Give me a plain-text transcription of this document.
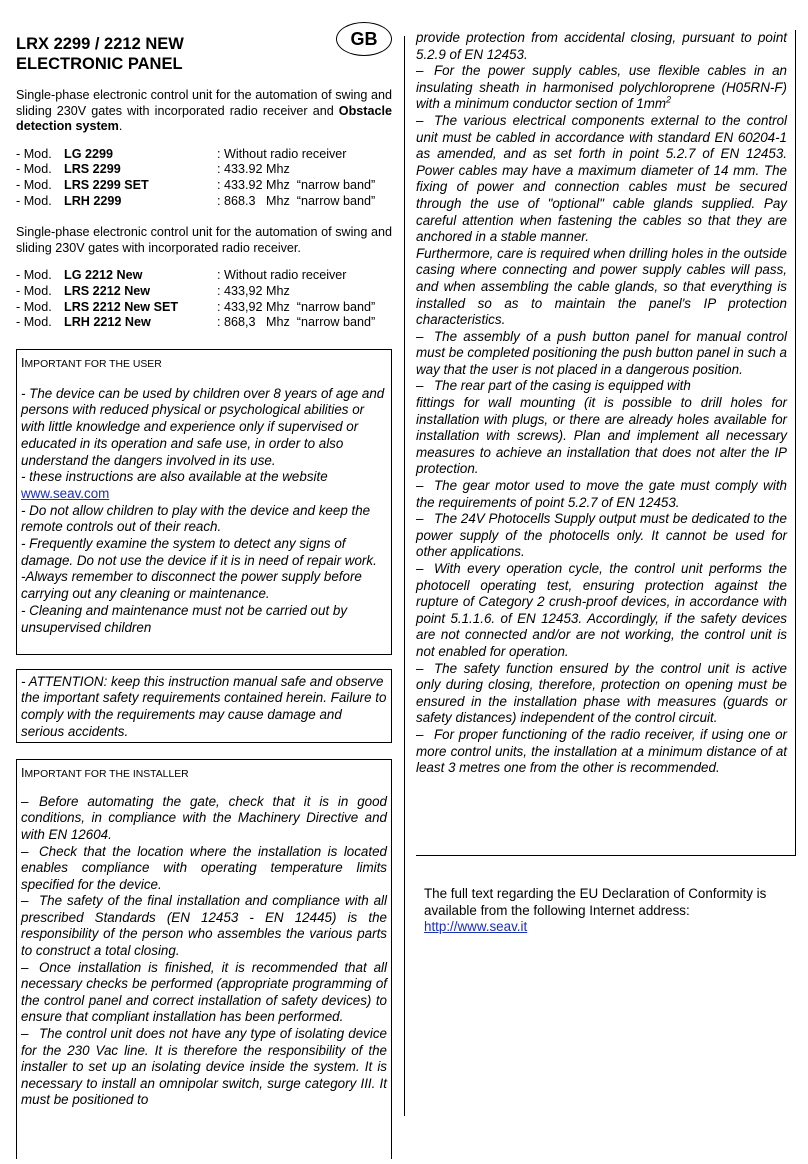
GB
LRX 2299 / 2212 NEW
ELECTRONIC PANEL

Single-phase electronic control unit for the automation of swing and sliding 230V gates with incorporated radio receiver and Obstacle detection system.

- Mod. LG 2299	: Without radio receiver
- Mod. LRS 2299	: 433.92 Mhz
- Mod. LRS 2299 SET	: 433.92 Mhz  “narrow band”
- Mod. LRH 2299	: 868.3   Mhz  “narrow band”

Single-phase electronic control unit for the automation of swing and sliding 230V gates with incorporated radio receiver.

- Mod. LG 2212 New	: Without radio receiver
- Mod. LRS 2212 New	: 433,92 Mhz
- Mod. LRS 2212 New SET	: 433,92 Mhz  “narrow band”
- Mod. LRH 2212 New	: 868,3   Mhz  “narrow band”

IMPORTANT FOR THE USER

- The device can be used by children over 8 years of age and persons with reduced physical or psychological abilities or with little knowledge and experience only if supervised or educated in its operation and safe use, in order to also understand the dangers involved in its use.

- these instructions are also available at the website

www.seav.com

- Do not allow children to play with the device and keep the remote controls out of their reach.

- Frequently examine the system to detect any signs of damage. Do not use the device if it is in need of repair work.

-Always remember to disconnect the power supply before carrying out any cleaning or maintenance.

- Cleaning and maintenance must not be carried out by unsupervised children

- ATTENTION: keep this instruction manual safe and observe the important safety requirements contained herein. Failure to comply with the requirements may cause damage and serious accidents.

IMPORTANT FOR THE INSTALLER

– Before automating the gate, check that it is in good conditions, in compliance with the Machinery Directive and with EN 12604.

– Check that the location where the installation is located enables compliance with operating temperature limits specified for the device.

– The safety of the final installation and compliance with all prescribed Standards (EN 12453 - EN 12445) is the responsibility of the person who assembles the various parts to construct a total closing.

– Once installation is finished, it is recommended that all necessary checks be performed (appropriate programming of the control panel and correct installation of safety devices) to ensure that compliant installation has been performed.

– The control unit does not have any type of isolating device for the 230 Vac line. It is therefore the responsibility of the installer to set up an isolating device inside the system. It is necessary to install an omnipolar switch, surge category III. It must be positioned to

provide protection from accidental closing, pursuant to point 5.2.9 of EN 12453.

– For the power supply cables, use flexible cables in an insulating sheath in harmonised polychloroprene (H05RN-F) with a minimum conductor section of $1mm^2$

– The various electrical components external to the control unit must be cabled in accordance with standard EN 60204-1 as amended, and as set forth in point 5.2.7 of EN 12453. Power cables may have a maximum diameter of 14 mm. The fixing of power and connection cables must be secured through the use of "optional" cable glands supplied. Pay careful attention when fastening the cables so that they are anchored in a stable manner.

Furthermore, care is required when drilling holes in the outside casing where connecting and power supply cables will pass, and when assembling the cable glands, so that everything is installed so as to maintain the panel's IP protection characteristics.

– The assembly of a push button panel for manual control must be completed positioning the push button panel in such a way that the user is not placed in a dangerous position.

– The rear part of the casing is equipped with

fittings for wall mounting (it is possible to drill holes for installation with plugs, or there are already holes available for installation with screws). Plan and implement all necessary measures to achieve an installation that does not alter the IP protection.

– The gear motor used to move the gate must comply with the requirements of point 5.2.7 of EN 12453.

– The 24V Photocells Supply output must be dedicated to the power supply of the photocells only. It cannot be used for other applications.

– With every operation cycle, the control unit performs the photocell operating test, ensuring protection against the rupture of Category 2 crush-proof devices, in accordance with point 5.1.1.6. of EN 12453. Accordingly, if the safety devices are not connected and/or are not working, the control unit is not enabled for operation.

– The safety function ensured by the control unit is active only during closing, therefore, protection on opening must be ensured in the installation phase with measures (guards or safety distances) independent of the control circuit.

– For proper functioning of the radio receiver, if using one or more control units, the installation at a minimum distance of at least 3 metres one from the other is recommended.

The full text regarding the EU Declaration of Conformity is available from the following Internet address:

http://www.seav.it
